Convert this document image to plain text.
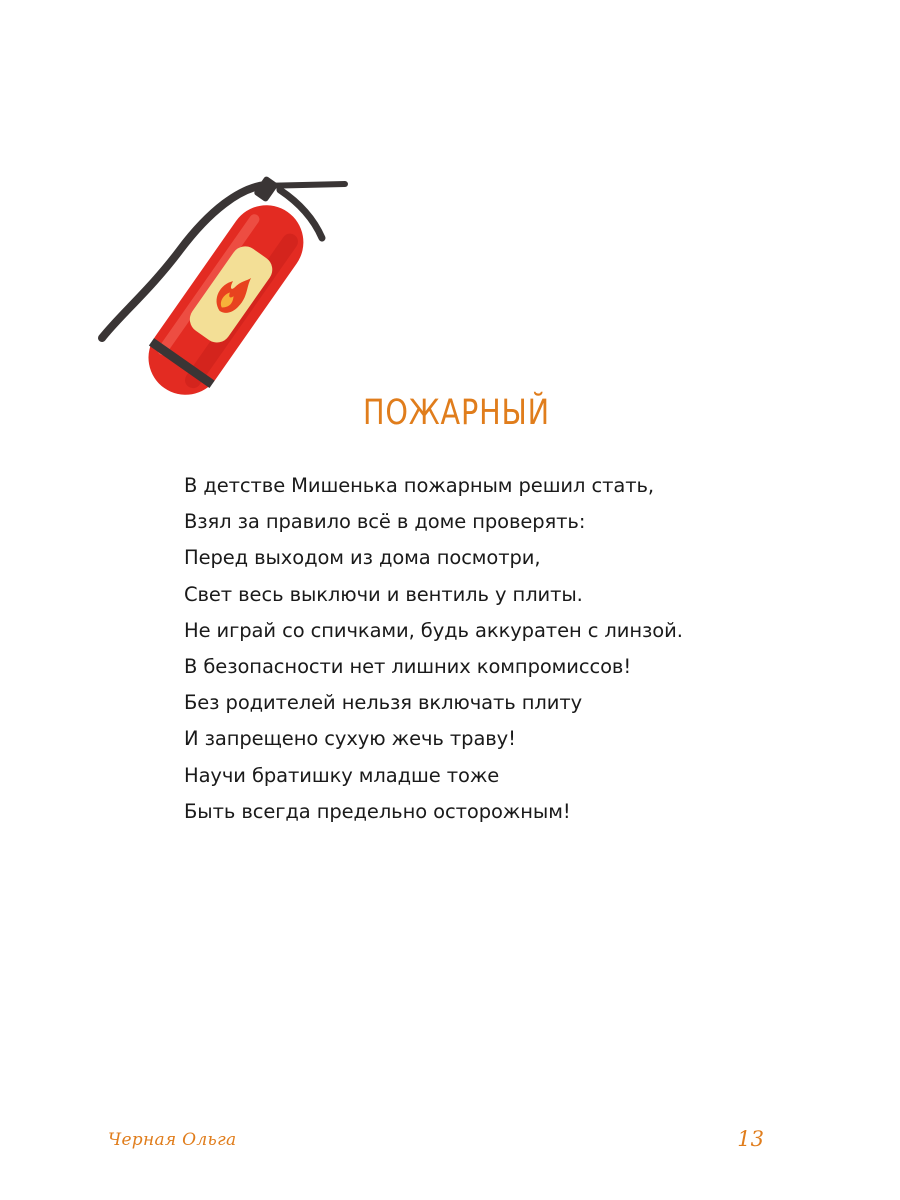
ПОЖАРНЫЙ
В детстве Мишенька пожарным решил стать,
Взял за правило всё в доме проверять:
Перед выходом из дома посмотри,
Свет весь выключи и вентиль у плиты.
Не играй со спичками, будь аккуратен с линзой.
В безопасности нет лишних компромиссов!
Без родителей нельзя включать плиту
И запрещено сухую жечь траву!
Научи братишку младше тоже
Быть всегда предельно осторожным!
Черная Ольга	13
